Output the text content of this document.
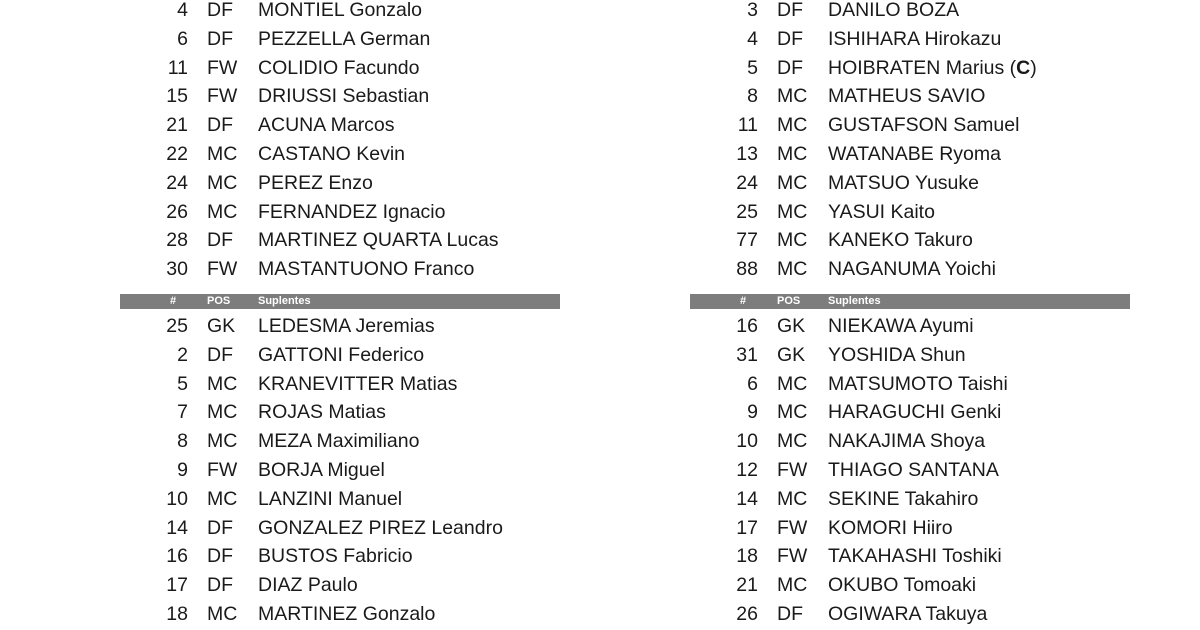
4 DF MONTIEL Gonzalo
6 DF PEZZELLA German
11 FW COLIDIO Facundo
15 FW DRIUSSI Sebastian
21 DF ACUNA Marcos
22 MC CASTANO Kevin
24 MC PEREZ Enzo
26 MC FERNANDEZ Ignacio
28 DF MARTINEZ QUARTA Lucas
30 FW MASTANTUONO Franco
#	POS	Suplentes
25 GK LEDESMA Jeremias
2 DF GATTONI Federico
5 MC KRANEVITTER Matias
7 MC ROJAS Matias
8 MC MEZA Maximiliano
9 FW BORJA Miguel
10 MC LANZINI Manuel
14 DF GONZALEZ PIREZ Leandro
16 DF BUSTOS Fabricio
17 DF DIAZ Paulo
18 MC MARTINEZ Gonzalo
3 DF DANILO BOZA
4 DF ISHIHARA Hirokazu
5 DF HOIBRATEN Marius (C)
8 MC MATHEUS SAVIO
11 MC GUSTAFSON Samuel
13 MC WATANABE Ryoma
24 MC MATSUO Yusuke
25 MC YASUI Kaito
77 MC KANEKO Takuro
88 MC NAGANUMA Yoichi
#	POS	Suplentes
16 GK NIEKAWA Ayumi
31 GK YOSHIDA Shun
6 MC MATSUMOTO Taishi
9 MC HARAGUCHI Genki
10 MC NAKAJIMA Shoya
12 FW THIAGO SANTANA
14 MC SEKINE Takahiro
17 FW KOMORI Hiiro
18 FW TAKAHASHI Toshiki
21 MC OKUBO Tomoaki
26 DF OGIWARA Takuya
